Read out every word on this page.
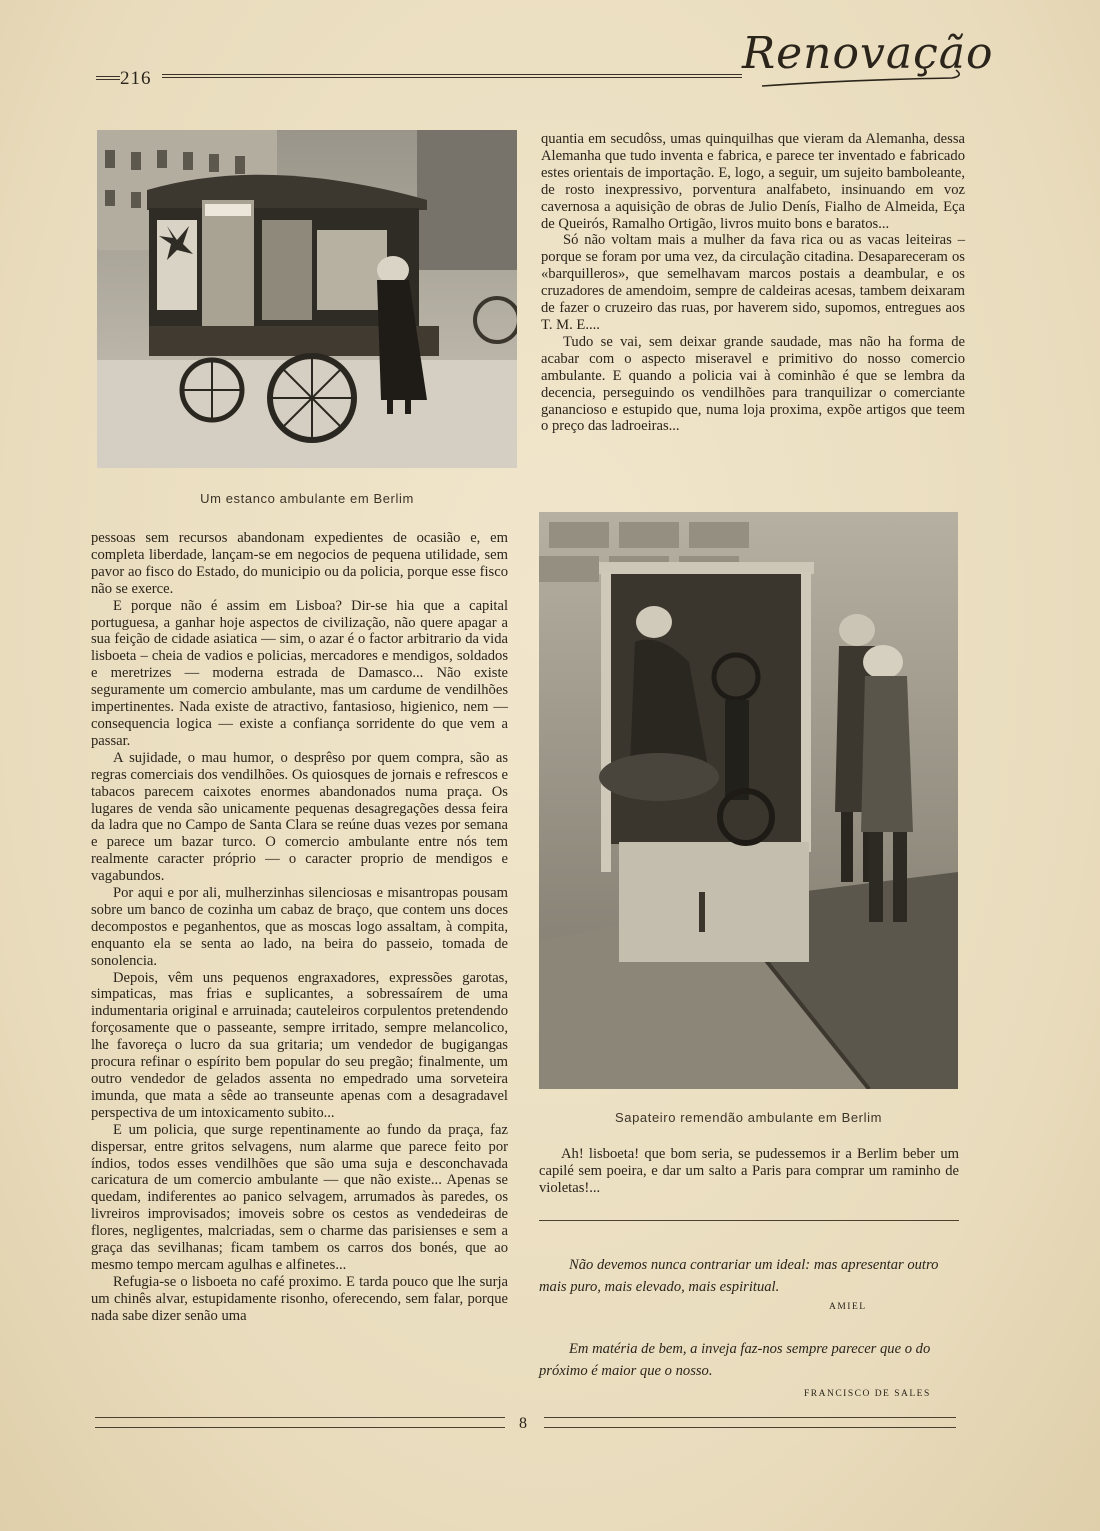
216	Renovação
Um estanco ambulante em Berlim

quantia em secudôss, umas quinquilhas que vieram da Alemanha, dessa Alemanha que tudo inventa e fabrica, e parece ter inventado e fabricado estes orientais de importação. E, logo, a seguir, um sujeito bamboleante, de rosto inexpressivo, porventura analfabeto, insinuando em voz cavernosa a aquisição de obras de Julio Denís, Fialho de Almeida, Eça de Queirós, Ramalho Ortigão, livros muito bons e baratos...

Só não voltam mais a mulher da fava rica ou as vacas leiteiras – porque se foram por uma vez, da circulação citadina. Desapareceram os «barquilleros», que semelhavam marcos postais a deambular, e os cruzadores de amendoim, sempre de caldeiras acesas, tambem deixaram de fazer o cruzeiro das ruas, por haverem sido, supomos, entregues aos T. M. E....

Tudo se vai, sem deixar grande saudade, mas não ha forma de acabar com o aspecto miseravel e primitivo do nosso comercio ambulante. E quando a policia vai à cominhão é que se lembra da decencia, perseguindo os vendilhões para tranquilizar o comerciante ganancioso e estupido que, numa loja proxima, expõe artigos que teem o preço das ladroeiras...

pessoas sem recursos abandonam expedientes de ocasião e, em completa liberdade, lançam-se em negocios de pequena utilidade, sem pavor ao fisco do Estado, do municipio ou da policia, porque esse fisco não se exerce.

E porque não é assim em Lisboa? Dir-se hia que a capital portuguesa, a ganhar hoje aspectos de civilização, não quere apagar a sua feição de cidade asiatica –– sim, o azar é o factor arbitrario da vida lisboeta – cheia de vadios e policias, mercadores e mendigos, soldados e meretrizes — moderna estrada de Damasco... Não existe seguramente um comercio ambulante, mas um cardume de vendilhões impertinentes. Nada existe de atractivo, fantasioso, higienico, nem — consequencia logica — existe a confiança sorridente do que vem a passar.

A sujidade, o mau humor, o desprêso por quem compra, são as regras comerciais dos vendilhões. Os quiosques de jornais e refrescos e tabacos parecem caixotes enormes abandonados numa praça. Os lugares de venda são unicamente pequenas desagregações dessa feira da ladra que no Campo de Santa Clara se reúne duas vezes por semana e parece um bazar turco. O comercio ambulante entre nós tem realmente caracter próprio — o caracter proprio de mendigos e vagabundos.

Por aqui e por ali, mulherzinhas silenciosas e misantropas pousam sobre um banco de cozinha um cabaz de braço, que contem uns doces decompostos e peganhentos, que as moscas logo assaltam, à compita, enquanto ela se senta ao lado, na beira do passeio, tomada de sonolencia.

Depois, vêm uns pequenos engraxadores, expressões garotas, simpaticas, mas frias e suplicantes, a sobressaírem de uma indumentaria original e arruinada; cauteleiros corpulentos pretendendo forçosamente que o passeante, sempre irritado, sempre melancolico, lhe favoreça o lucro da sua gritaria; um vendedor de bugigangas procura refinar o espírito bem popular do seu pregão; finalmente, um outro vendedor de gelados assenta no empedrado uma sorveteira imunda, que mata a sêde ao transeunte apenas com a desagradavel perspectiva de um intoxicamento subito...

E um policia, que surge repentinamente ao fundo da praça, faz dispersar, entre gritos selvagens, num alarme que parece feito por índios, todos esses vendilhões que são uma suja e desconchavada caricatura de um comercio ambulante — que não existe... Apenas se quedam, indiferentes ao panico selvagem, arrumados às paredes, os livreiros improvisados; imoveis sobre os cestos as vendedeiras de flores, negligentes, malcriadas, sem o charme das parisienses e sem a graça das sevilhanas; ficam tambem os carros dos bonés, que ao mesmo tempo mercam agulhas e alfinetes...

Refugia-se o lisboeta no café proximo. E tarda pouco que lhe surja um chinês alvar, estupidamente risonho, oferecendo, sem falar, porque nada sabe dizer senão uma

Sapateiro remendão ambulante em Berlim

Ah! lisboeta! que bom seria, se pudessemos ir a Berlim beber um capilé sem poeira, e dar um salto a Paris para comprar um raminho de violetas!...

Não devemos nunca contrariar um ideal: mas apresentar outro mais puro, mais elevado, mais espiritual.
AMIEL
Em matéria de bem, a inveja faz-nos sempre parecer que o do próximo é maior que o nosso.
FRANCISCO DE SALES
8
